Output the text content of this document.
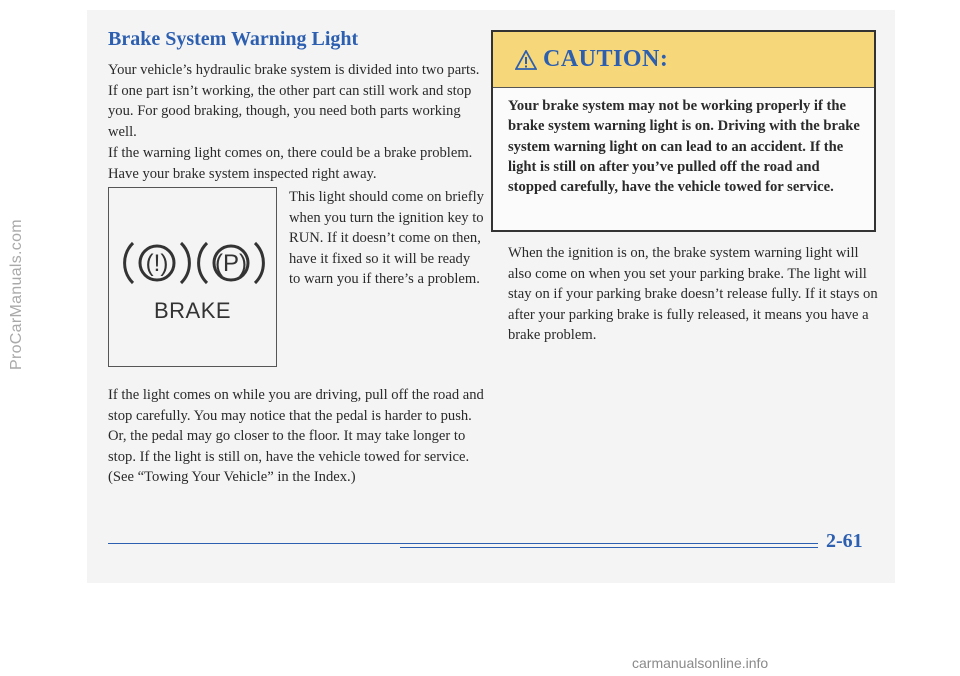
Brake System Warning Light

Your vehicle’s hydraulic brake system is divided into two parts. If one part isn’t working, the other part can still work and stop you. For good braking, though, you need both parts working well.

If the warning light comes on, there could be a brake problem. Have your brake system inspected right away.

(!) (P)
BRAKE

This light should come on briefly when you turn the ignition key to RUN. If it doesn’t come on then, have it fixed so it will be ready to warn you if there’s a problem.

If the light comes on while you are driving, pull off the road and stop carefully. You may notice that the pedal is harder to push. Or, the pedal may go closer to the floor. It may take longer to stop. If the light is still on, have the vehicle towed for service. (See “Towing Your Vehicle” in the Index.)

CAUTION:

Your brake system may not be working properly if the brake system warning light is on. Driving with the brake system warning light on can lead to an accident. If the light is still on after you’ve pulled off the road and stopped carefully, have the vehicle towed for service.

When the ignition is on, the brake system warning light will also come on when you set your parking brake. The light will stay on if your parking brake doesn’t release fully. If it stays on after your parking brake is fully released, it means you have a brake problem.

2-61
ProCarManuals.com
carmanualsonline.info
